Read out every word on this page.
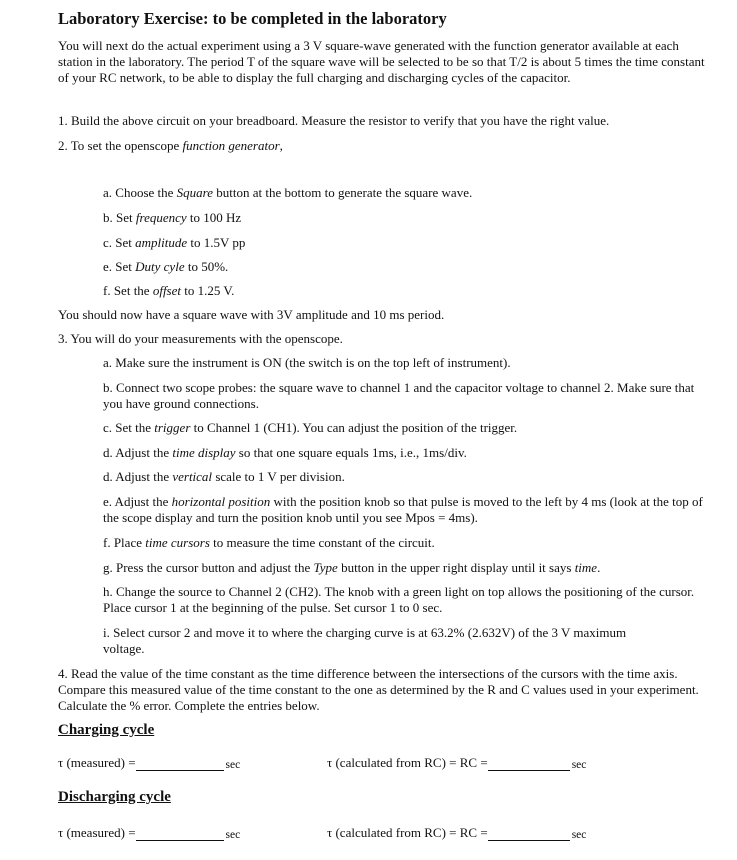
Laboratory Exercise: to be completed in the laboratory
You will next do the actual experiment using a 3 V square-wave generated with the function generator available at each station in the laboratory. The period T of the square wave will be selected to be so that T/2 is about 5 times the time constant of your RC network, to be able to display the full charging and discharging cycles of the capacitor.
1. Build the above circuit on your breadboard. Measure the resistor to verify that you have the right value.
2. To set the openscope function generator,
a. Choose the Square button at the bottom to generate the square wave.
b. Set frequency to 100 Hz
c. Set amplitude to 1.5V pp
e. Set Duty cyle to 50%.
f. Set the offset to 1.25 V.
You should now have a square wave with 3V amplitude and 10 ms period.
3. You will do your measurements with the openscope.
a. Make sure the instrument is ON (the switch is on the top left of instrument).
b. Connect two scope probes: the square wave to channel 1 and the capacitor voltage to channel 2. Make sure that you have ground connections.
c. Set the trigger to Channel 1 (CH1). You can adjust the position of the trigger.
d. Adjust the time display so that one square equals 1ms, i.e., 1ms/div.
d. Adjust the vertical scale to 1 V per division.
e. Adjust the horizontal position with the position knob so that pulse is moved to the left by 4 ms (look at the top of the scope display and turn the position knob until you see Mpos = 4ms).
f. Place time cursors to measure the time constant of the circuit.
g. Press the cursor button and adjust the Type button in the upper right display until it says time.
h. Change the source to Channel 2 (CH2). The knob with a green light on top allows the positioning of the cursor. Place cursor 1 at the beginning of the pulse. Set cursor 1 to 0 sec.
i. Select cursor 2 and move it to where the charging curve is at 63.2% (2.632V) of the 3 V maximum voltage.
4. Read the value of the time constant as the time difference between the intersections of the cursors with the time axis. Compare this measured value of the time constant to the one as determined by the R and C values used in your experiment. Calculate the % error. Complete the entries below.
Charging cycle
τ (measured) =	sec	τ (calculated from RC) = RC =	sec
Discharging cycle
τ (measured) =	sec	τ (calculated from RC) = RC =	sec
